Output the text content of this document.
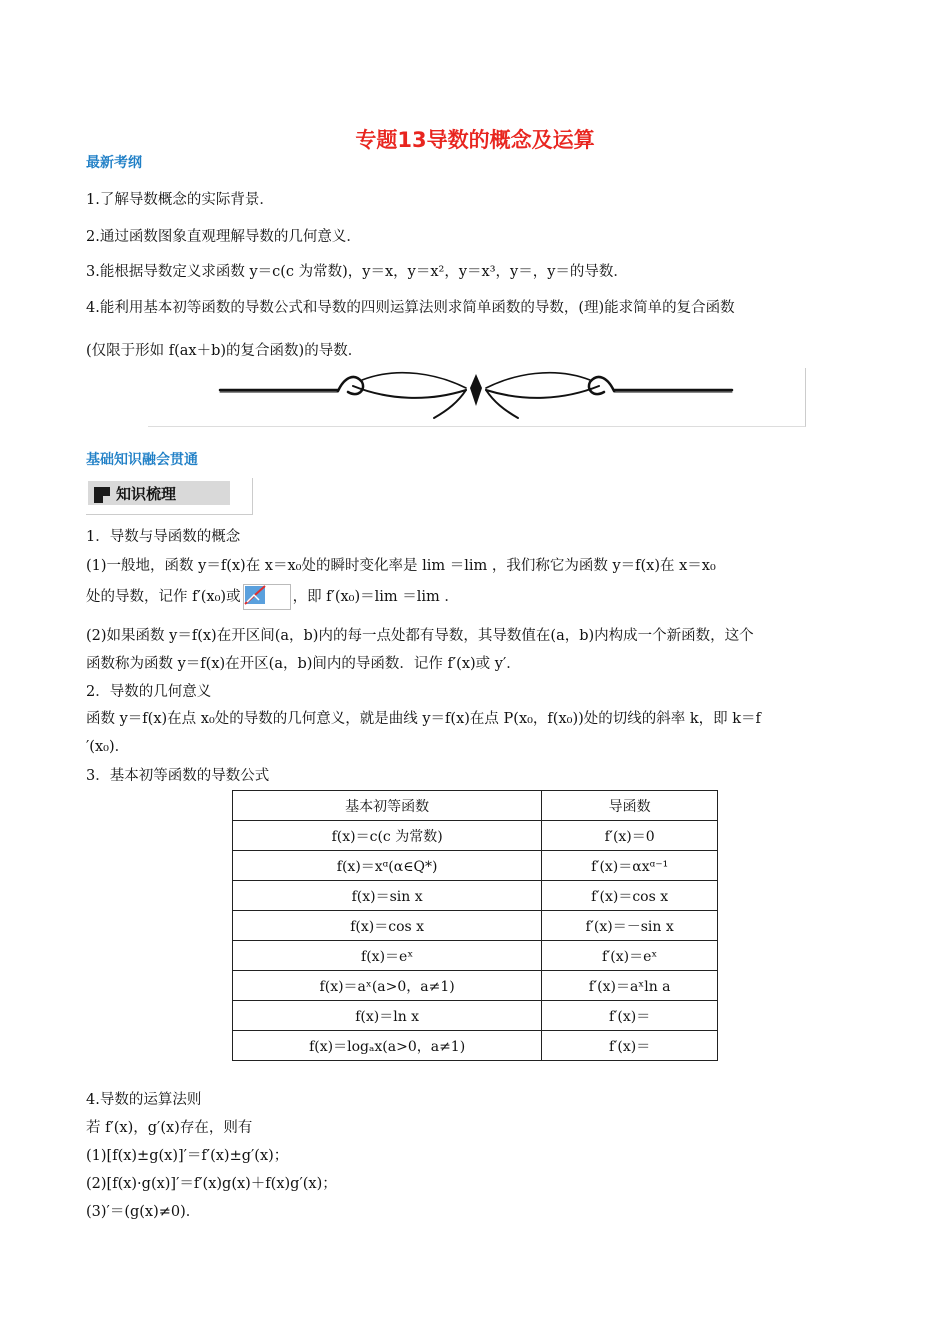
专题13导数的概念及运算
最新考纲
1.了解导数概念的实际背景．
2.通过函数图象直观理解导数的几何意义．
3.能根据导数定义求函数 y＝c(c 为常数)，y＝x，y＝x²，y＝x³，y＝，y＝的导数．
4.能利用基本初等函数的导数公式和导数的四则运算法则求简单函数的导数，(理)能求简单的复合函数
(仅限于形如 f(ax＋b)的复合函数)的导数．
基础知识融会贯通
知识梳理
1．导数与导函数的概念
(1)一般地，函数 y＝f(x)在 x＝x₀处的瞬时变化率是 lim ＝lim ，我们称它为函数 y＝f(x)在 x＝x₀
处的导数，记作 f′(x₀)或	，即 f′(x₀)＝lim ＝lim ．
(2)如果函数 y＝f(x)在开区间(a，b)内的每一点处都有导数，其导数值在(a，b)内构成一个新函数，这个
函数称为函数 y＝f(x)在开区(a，b)间内的导函数．记作 f′(x)或 y′．
2．导数的几何意义
函数 y＝f(x)在点 x₀处的导数的几何意义，就是曲线 y＝f(x)在点 P(x₀，f(x₀))处的切线的斜率 k，即 k＝f
′(x₀)．
3．基本初等函数的导数公式
基本初等函数	导函数
f(x)＝c(c 为常数)	f′(x)＝0
f(x)＝xᵅ(α∈Q*)	f′(x)＝αxᵅ⁻¹
f(x)＝sin x	f′(x)＝cos x
f(x)＝cos x	f′(x)＝－sin x
f(x)＝eˣ	f′(x)＝eˣ
f(x)＝aˣ(a>0，a≠1)	f′(x)＝aˣln a
f(x)＝ln x	f′(x)＝
f(x)＝logₐx(a>0，a≠1)	f′(x)＝
4.导数的运算法则
若 f′(x)，g′(x)存在，则有
(1)[f(x)±g(x)]′＝f′(x)±g′(x)；
(2)[f(x)·g(x)]′＝f′(x)g(x)＋f(x)g′(x)；
(3)′＝(g(x)≠0)．
